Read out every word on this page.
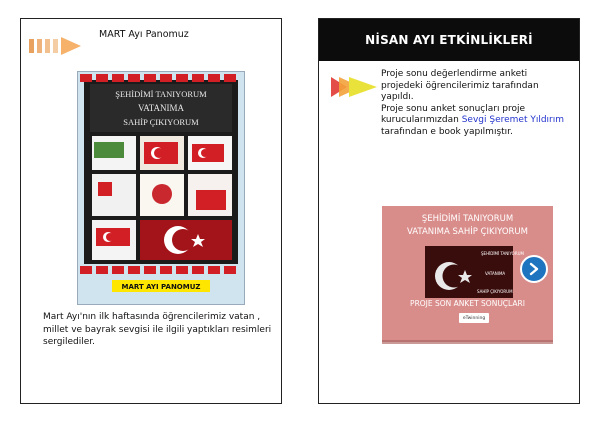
MART Ayı Panomuz
ŞEHİDİMİ TANIYORUM
VATANIMA
SAHİP ÇIKIYORUM
MART AYI PANOMUZ
Mart Ayı'nın ilk haftasında öğrencilerimiz vatan , millet ve bayrak sevgisi ile ilgili yaptıkları resimleri sergilediler.
NİSAN AYI ETKİNLİKLERİ
Proje sonu değerlendirme anketi projedeki öğrencilerimiz tarafından yapıldı.
Proje sonu anket sonuçları proje kurucularımızdan Sevgi Şeremet Yıldırım tarafından e book yapılmıştır.
ŞEHİDİMİ TANIYORUM
VATANIMA SAHİP ÇIKIYORUM
ŞEHİDİMİ TANIYORUM
VATANIMA
SAHİP ÇIKIYORUM
PROJE SON ANKET SONUÇLARI
eTwinning
